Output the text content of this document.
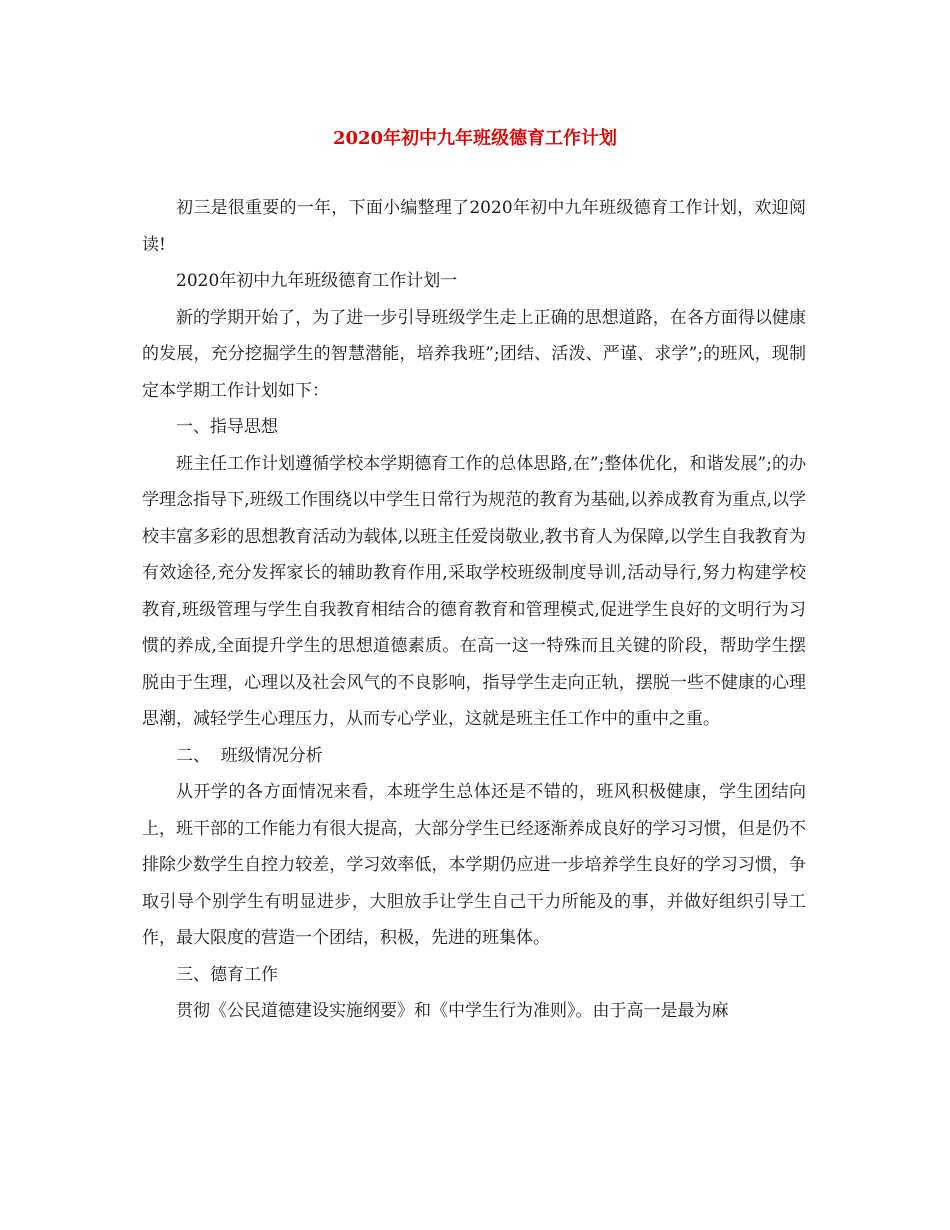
2020年初中九年班级德育工作计划

初三是很重要的一年，下面小编整理了2020年初中九年班级德育工作计划，欢迎阅读!

2020年初中九年班级德育工作计划一

新的学期开始了，为了进一步引导班级学生走上正确的思想道路，在各方面得以健康的发展，充分挖掘学生的智慧潜能，培养我班”;团结、活泼、严谨、求学”;的班风，现制定本学期工作计划如下：

一、指导思想

班主任工作计划遵循学校本学期德育工作的总体思路,在”;整体优化，和谐发展”;的办学理念指导下,班级工作围绕以中学生日常行为规范的教育为基础,以养成教育为重点,以学校丰富多彩的思想教育活动为载体,以班主任爱岗敬业,教书育人为保障,以学生自我教育为有效途径,充分发挥家长的辅助教育作用,采取学校班级制度导训,活动导行,努力构建学校教育,班级管理与学生自我教育相结合的德育教育和管理模式,促进学生良好的文明行为习惯的养成,全面提升学生的思想道德素质。在高一这一特殊而且关键的阶段，帮助学生摆脱由于生理，心理以及社会风气的不良影响，指导学生走向正轨，摆脱一些不健康的心理思潮，减轻学生心理压力，从而专心学业，这就是班主任工作中的重中之重。

二、  班级情况分析

从开学的各方面情况来看，本班学生总体还是不错的，班风积极健康，学生团结向上，班干部的工作能力有很大提高，大部分学生已经逐渐养成良好的学习习惯，但是仍不排除少数学生自控力较差，学习效率低，本学期仍应进一步培养学生良好的学习习惯，争取引导个别学生有明显进步，大胆放手让学生自己干力所能及的事，并做好组织引导工作，最大限度的营造一个团结，积极，先进的班集体。

三、德育工作

贯彻《公民道德建设实施纲要》和《中学生行为准则》。由于高一是最为麻
